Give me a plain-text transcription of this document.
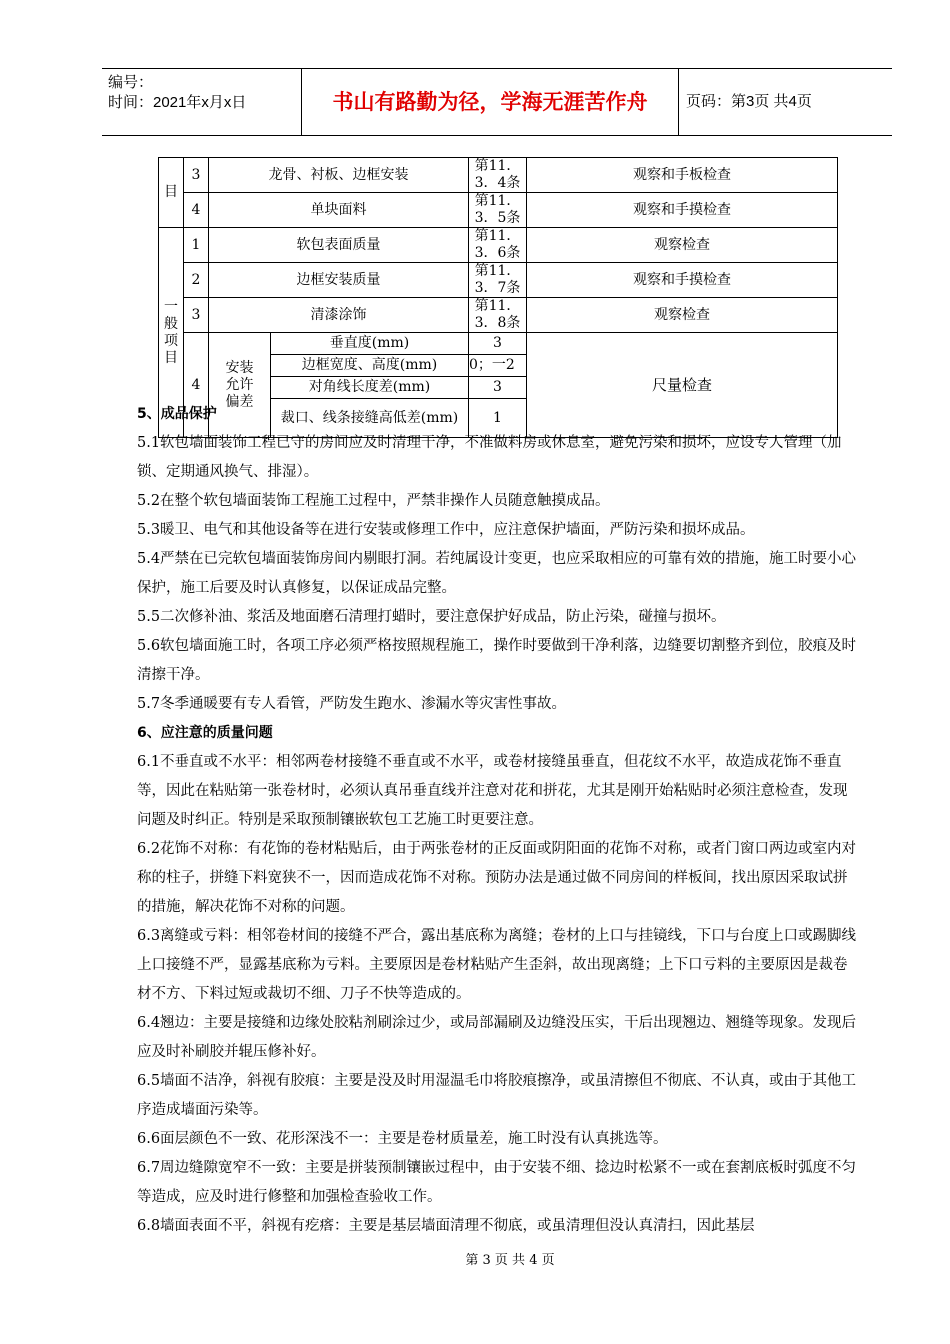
编号：
时间：2021年x月x日	书山有路勤为径，学海无涯苦作舟	页码：第3页 共4页
目	3	龙骨、衬板、边框安装		第11．3．4条	观察和手板检查
	4	单块面料		第11．3．5条	观察和手摸检查
一般项目	1	软包表面质量		第11．3．6条	观察检查
	2	边框安装质量		第11．3．7条	观察和手摸检查
	3	清漆涂饰		第11．3．8条	观察检查
	4	安装允许偏差	垂直度(mm)	3	尺量检查
			边框宽度、高度(mm)	0；一2	
			对角线长度差(mm)	3	
			裁口、线条接缝高低差(mm)	1	

5、成品保护

5.1软包墙面装饰工程已守的房间应及时清理干净，不准做料房或休息室，避免污染和损坏，应设专人管理（加锁、定期通风换气、排湿）。

5.2在整个软包墙面装饰工程施工过程中，严禁非操作人员随意触摸成品。

5.3暖卫、电气和其他设备等在进行安装或修理工作中，应注意保护墙面，严防污染和损坏成品。

5.4严禁在已完软包墙面装饰房间内剔眼打洞。若纯属设计变更，也应采取相应的可靠有效的措施，施工时要小心保护，施工后要及时认真修复，以保证成品完整。

5.5二次修补油、浆活及地面磨石清理打蜡时，要注意保护好成品，防止污染，碰撞与损坏。

5.6软包墙面施工时，各项工序必须严格按照规程施工，操作时要做到干净利落，边缝要切割整齐到位，胶痕及时清擦干净。

5.7冬季通暖要有专人看管，严防发生跑水、渗漏水等灾害性事故。

6、应注意的质量问题

6.1不垂直或不水平：相邻两卷材接缝不垂直或不水平，或卷材接缝虽垂直，但花纹不水平，故造成花饰不垂直等，因此在粘贴第一张卷材时，必须认真吊垂直线并注意对花和拼花，尤其是刚开始粘贴时必须注意检查，发现问题及时纠正。特别是采取预制镶嵌软包工艺施工时更要注意。

6.2花饰不对称：有花饰的卷材粘贴后，由于两张卷材的正反面或阴阳面的花饰不对称，或者门窗口两边或室内对称的柱子，拼缝下料宽狭不一，因而造成花饰不对称。预防办法是通过做不同房间的样板间，找出原因采取试拼的措施，解决花饰不对称的问题。

6.3离缝或亏料：相邻卷材间的接缝不严合，露出基底称为离缝；卷材的上口与挂镜线，下口与台度上口或踢脚线上口接缝不严，显露基底称为亏料。主要原因是卷材粘贴产生歪斜，故出现离缝；上下口亏料的主要原因是裁卷材不方、下料过短或裁切不细、刀子不快等造成的。

6.4翘边：主要是接缝和边缘处胶粘剂刷涂过少，或局部漏刷及边缝没压实，干后出现翘边、翘缝等现象。发现后应及时补刷胶并辊压修补好。

6.5墙面不洁净，斜视有胶痕：主要是没及时用湿温毛巾将胶痕擦净，或虽清擦但不彻底、不认真，或由于其他工序造成墙面污染等。

6.6面层颜色不一致、花形深浅不一：主要是卷材质量差，施工时没有认真挑选等。

6.7周边缝隙宽窄不一致：主要是拼装预制镶嵌过程中，由于安装不细、捻边时松紧不一或在套割底板时弧度不匀等造成，应及时进行修整和加强检查验收工作。

6.8墙面表面不平，斜视有疙瘩：主要是基层墙面清理不彻底，或虽清理但没认真清扫，因此基层

第 3 页 共 4 页
